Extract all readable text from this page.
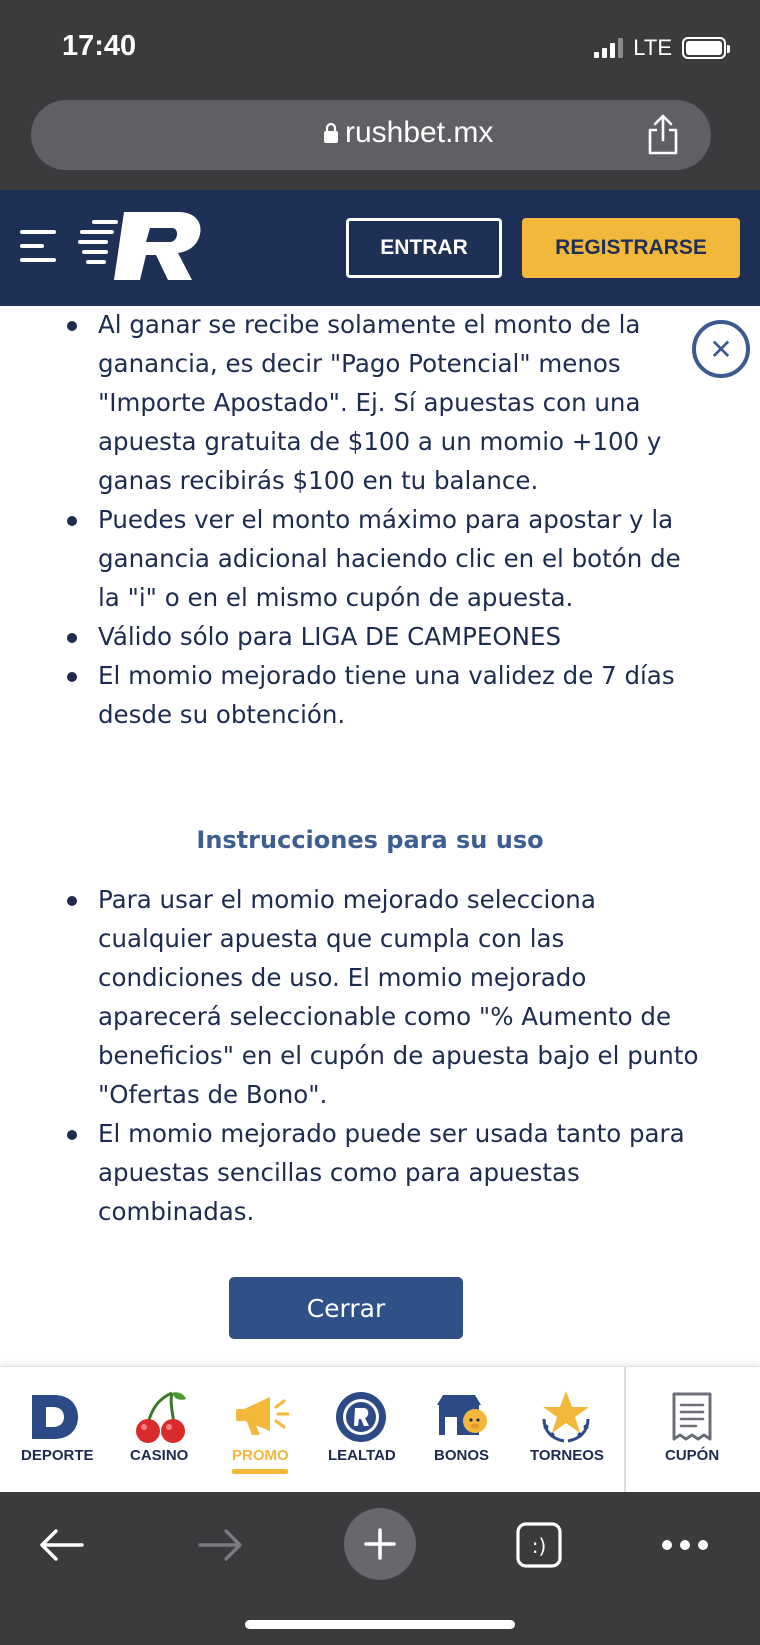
17:40	LTE
rushbet.mx
ENTRAR	REGISTRARSE
Al ganar se recibe solamente el monto de la ganancia, es decir "Pago Potencial" menos "Importe Apostado". Ej. Sí apuestas con una apuesta gratuita de $100 a un momio +100 y ganas recibirás $100 en tu balance.
Puedes ver el monto máximo para apostar y la ganancia adicional haciendo clic en el botón de la "i" o en el mismo cupón de apuesta.
Válido sólo para LIGA DE CAMPEONES
El momio mejorado tiene una validez de 7 días desde su obtención.
✕
Instrucciones para su uso
Para usar el momio mejorado selecciona cualquier apuesta que cumpla con las condiciones de uso. El momio mejorado aparecerá seleccionable como "% Aumento de beneficios" en el cupón de apuesta bajo el punto "Ofertas de Bono".
El momio mejorado puede ser usada tanto para apuestas sencillas como para apuestas combinadas.
Cerrar
DEPORTE CASINO	PROMO	LEALTAD	BONOS	TORNEOS	CUPÓN
:)
